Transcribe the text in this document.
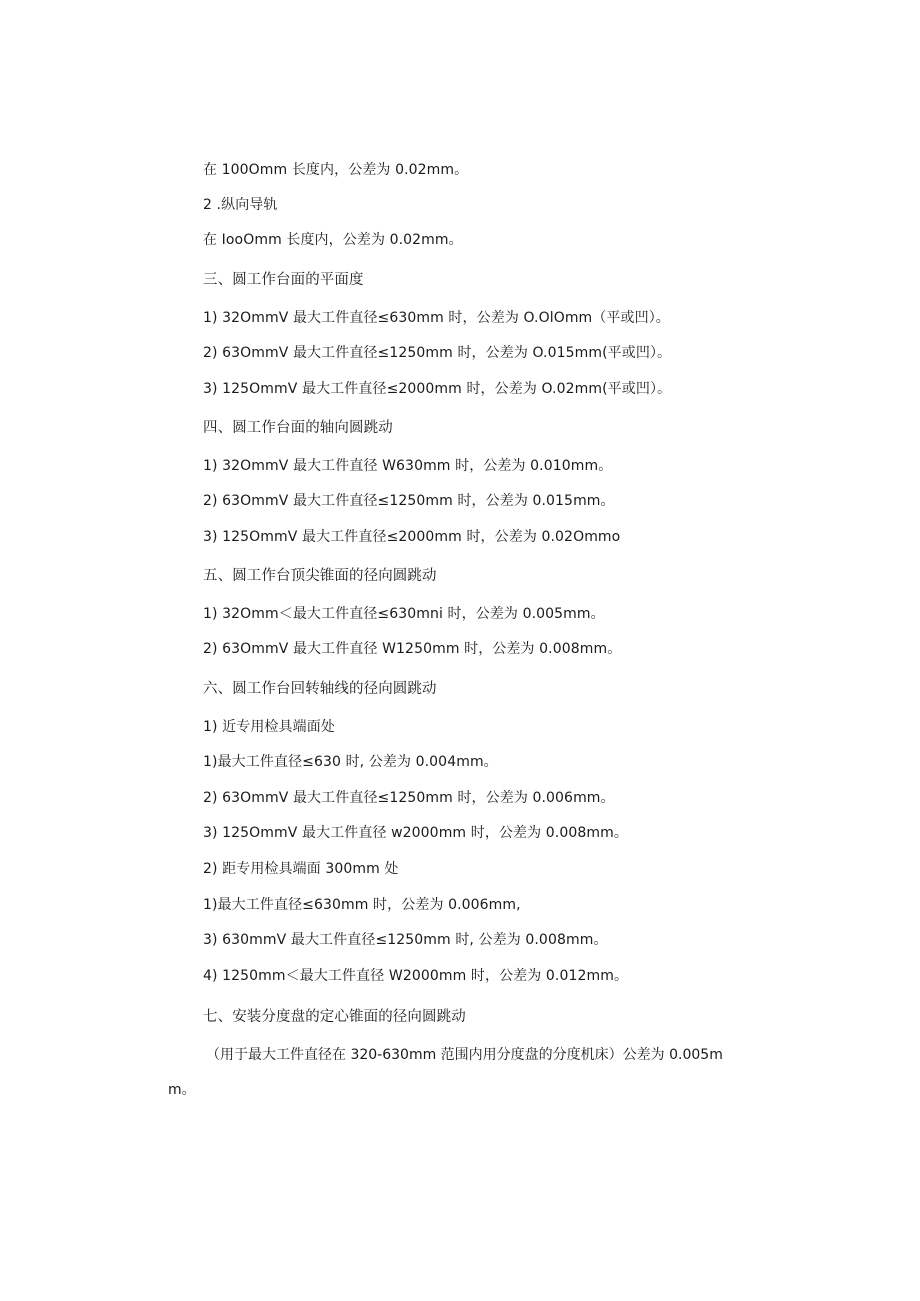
在 100Omm 长度内，公差为 0.02mm。
2 .纵向导轨
在 IooOmm 长度内，公差为 0.02mm。
三、圆工作台面的平面度
1) 32OmmV 最大工件直径≤630mm 时，公差为 O.OlOmm（平或凹）。
2) 63OmmV 最大工件直径≤1250mm 时，公差为 O.015mm(平或凹）。
3) 125OmmV 最大工件直径≤2000mm 时，公差为 O.02mm(平或凹）。
四、圆工作台面的轴向圆跳动
1) 32OmmV 最大工件直径 W630mm 时，公差为 0.010mm。
2) 63OmmV 最大工件直径≤1250mm 时，公差为 0.015mm。
3) 125OmmV 最大工件直径≤2000mm 时，公差为 0.02Ommo
五、圆工作台顶尖锥面的径向圆跳动
1) 32Omm＜最大工件直径≤630mni 时，公差为 0.005mm。
2) 63OmmV 最大工件直径 W1250mm 时，公差为 0.008mm。
六、圆工作台回转轴线的径向圆跳动
1) 近专用检具端面处
1)最大工件直径≤630 时, 公差为 0.004mm。
2) 63OmmV 最大工件直径≤1250mm 时，公差为 0.006mm。
3) 125OmmV 最大工件直径 w2000mm 时，公差为 0.008mm。
2) 距专用检具端面 300mm 处
1)最大工件直径≤630mm 时，公差为 0.006mm,
3) 630mmV 最大工件直径≤1250mm 时, 公差为 0.008mm。
4) 1250mm＜最大工件直径 W2000mm 时，公差为 0.012mm。
七、安装分度盘的定心锥面的径向圆跳动
（用于最大工件直径在 320-630mm 范围内用分度盘的分度机床）公差为 0.005mm。
